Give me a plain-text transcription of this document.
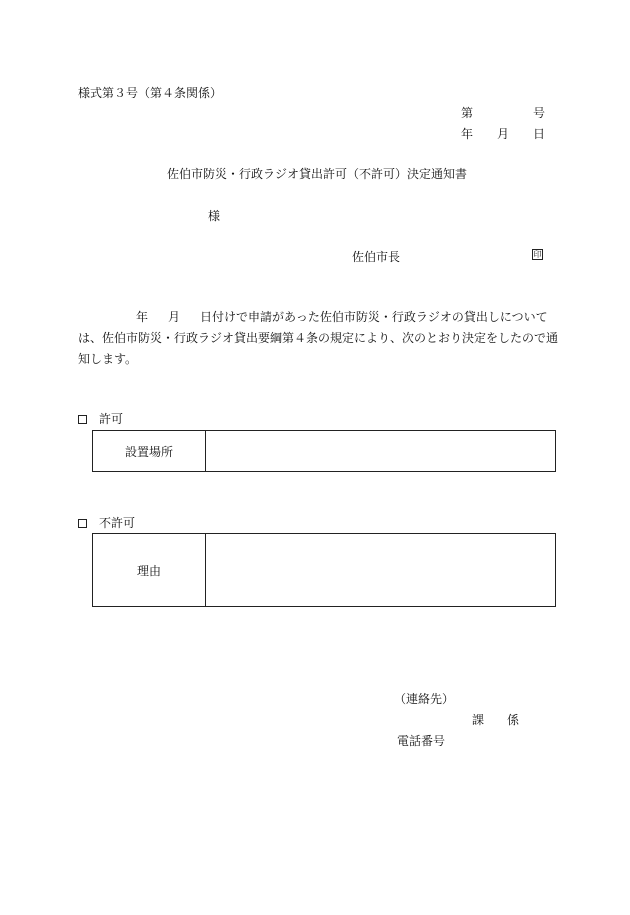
様式第３号（第４条関係）
第	号
年 月 日
佐伯市防災・行政ラジオ貸出許可（不許可）決定通知書
様
佐伯市長	印
年 月 日付けで申請があった佐伯市防災・行政ラジオの貸出しについては、佐伯市防災・行政ラジオ貸出要綱第４条の規定により、次のとおり決定をしたので通知します。
許可
設置場所	
不許可
理由	
（連絡先）
課 係
電話番号
